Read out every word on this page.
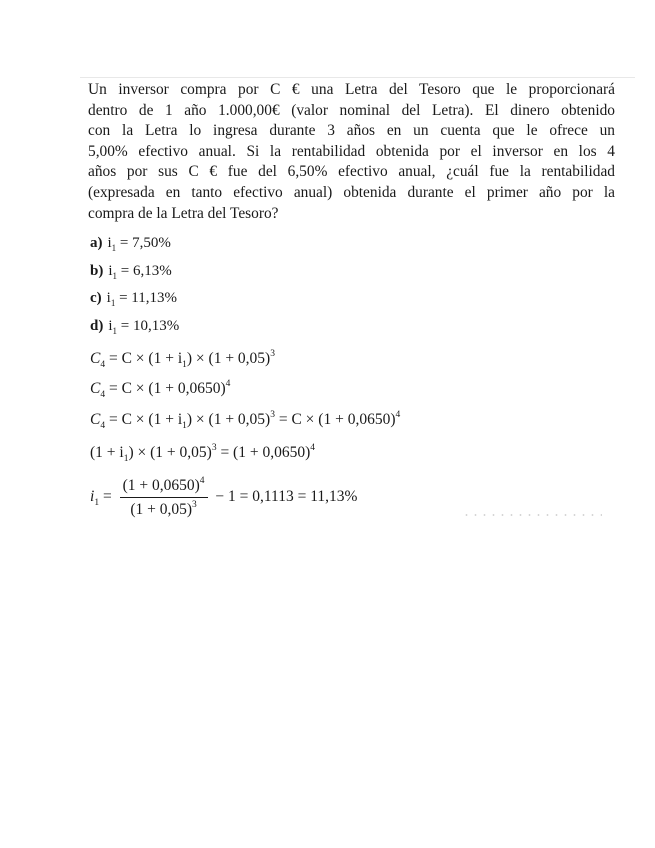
Un inversor compra por C € una Letra del Tesoro que le proporcionará
dentro de 1 año 1.000,00€ (valor nominal del Letra). El dinero obtenido
con la Letra lo ingresa durante 3 años en un cuenta que le ofrece un
5,00% efectivo anual. Si la rentabilidad obtenida por el inversor en los 4
años por sus C € fue del 6,50% efectivo anual, ¿cuál fue la rentabilidad
(expresada en tanto efectivo anual) obtenida durante el primer año por la
compra de la Letra del Tesoro?
a) $i_1 = 7,50\%$
b) $i_1 = 6,13\%$
c) $i_1 = 11,13\%$
d) $i_1 = 10,13\%$
$C_4 = C \times (1 + i_1) \times (1 + 0,05)^3$
$C_4 = C \times (1 + 0,0650)^4$
$C_4 = C \times (1 + i_1) \times (1 + 0,05)^3 = C \times (1 + 0,0650)^4$
$(1 + i_1) \times (1 + 0,05)^3 = (1 + 0,0650)^4$
$i_1 = \frac{(1 + 0,0650)^4}{(1 + 0,05)^3} - 1 = 0,1113 = 11,13\%$
